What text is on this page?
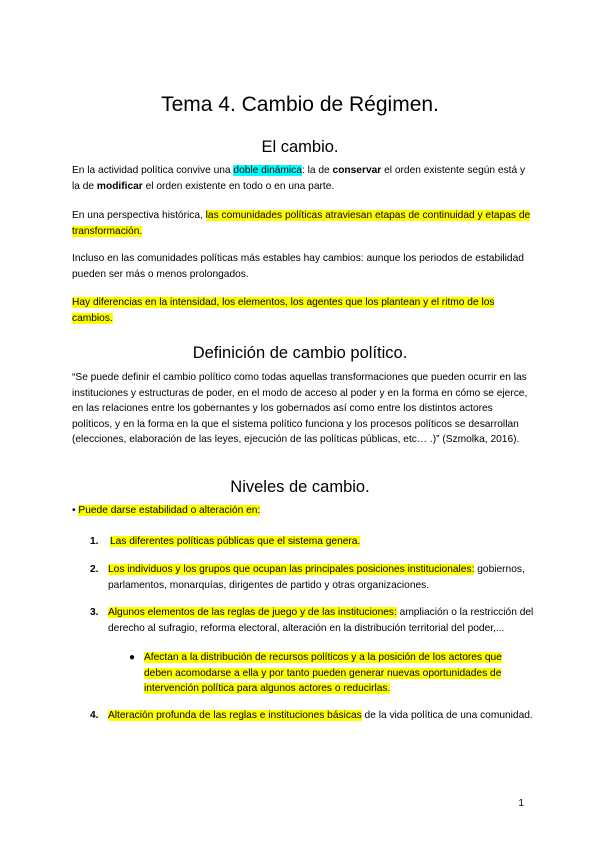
Tema 4. Cambio de Régimen.
El cambio.

En la actividad política convive una doble dinámica: la de conservar el orden existente según está y la de modificar el orden existente en todo o en una parte.

En una perspectiva histórica, las comunidades políticas atraviesan etapas de continuidad y etapas de transformación.

Incluso en las comunidades políticas más estables hay cambios: aunque los periodos de estabilidad pueden ser más o menos prolongados.

Hay diferencias en la intensidad, los elementos, los agentes que los plantean y el ritmo de los cambios.

Definición de cambio político.

“Se puede definir el cambio político como todas aquellas transformaciones que pueden ocurrir en las instituciones y estructuras de poder, en el modo de acceso al poder y en la forma en cómo se ejerce, en las relaciones entre los gobernantes y los gobernados así como entre los distintos actores políticos, y en la forma en la que el sistema político funciona y los procesos políticos se desarrollan (elecciones, elaboración de las leyes, ejecución de las políticas públicas, etc… .)” (Szmolka, 2016).

Niveles de cambio.

• Puede darse estabilidad o alteración en:

1. Las diferentes políticas públicas que el sistema genera.

2. Los individuos y los grupos que ocupan las principales posiciones institucionales: gobiernos, parlamentos, monarquías, dirigentes de partido y otras organizaciones.

3. Algunos elementos de las reglas de juego y de las instituciones: ampliación o la restricción del derecho al sufragio, reforma electoral, alteración en la distribución territorial del poder,...

● Afectan a la distribución de recursos políticos y a la posición de los actores que deben acomodarse a ella y por tanto pueden generar nuevas oportunidades de intervención política para algunos actores o reducirlas.

4. Alteración profunda de las reglas e instituciones básicas de la vida política de una comunidad.

1
